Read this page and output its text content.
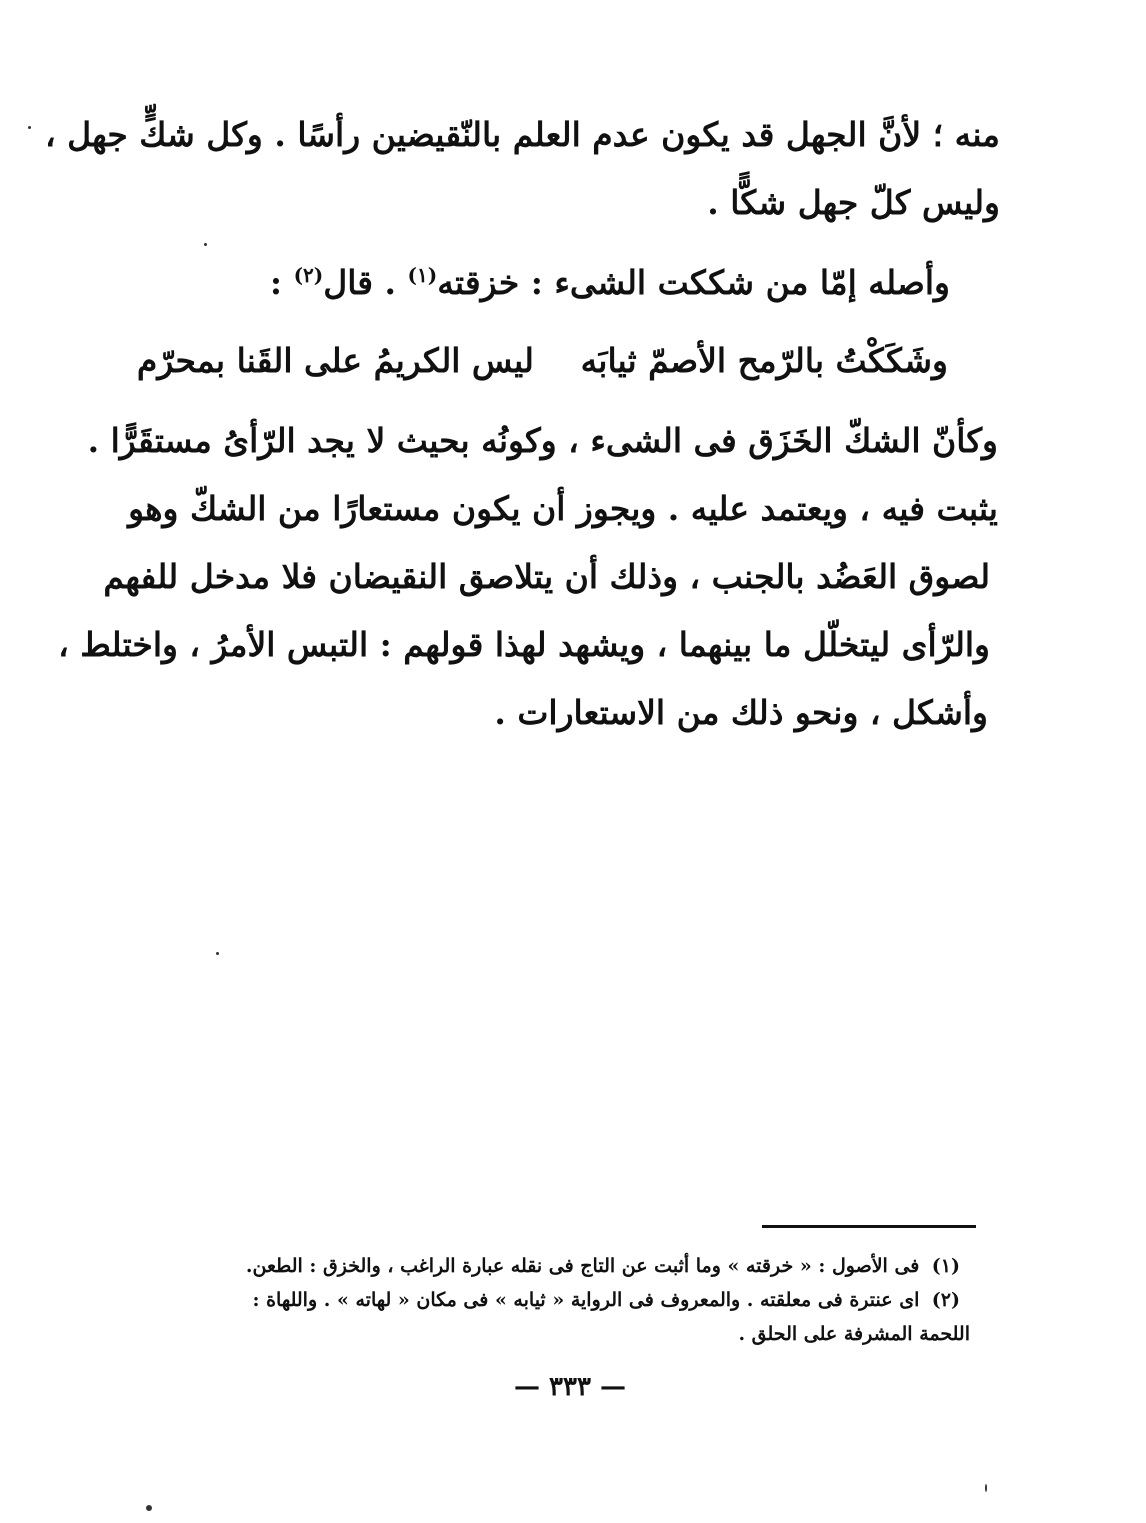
منه ؛ لأنَّ الجهل قد يكون عدم العلم بالنّقيضين رأسًا . وكل شكٍّ جهل ،
وليس كلّ جهل شكًّا .
وأصله إمّا من شككت الشىء : خزقته$^{(١)}$ . قال$^{(٢)}$ :
وشَكَكْتُ بالرّمح الأصمّ ثيابَه
ليس الكريمُ على القَنا بمحرّم
وكأنّ الشكّ الخَزَق فى الشىء ، وكونُه بحيث لا يجد الرّأىُ مستقَرًّا .
يثبت فيه ، ويعتمد عليه . ويجوز أن يكون مستعارًا من الشكّ وهو
لصوق العَضُد بالجنب ، وذلك أن يتلاصق النقيضان فلا مدخل للفهم
والرّأى ليتخلّل ما بينهما ، ويشهد لهذا قولهم : التبس الأمرُ ، واختلط ،
وأشكل ، ونحو ذلك من الاستعارات .
(١) فى الأصول : « خرقته » وما أثبت عن التاج فى نقله عبارة الراغب ، والخزق : الطعن.
(٢) اى عنترة فى معلقته . والمعروف فى الرواية « ثيابه » فى مكان « لهاته » . واللهاة :
اللحمة المشرفة على الحلق .
— ٣٣٣ —
